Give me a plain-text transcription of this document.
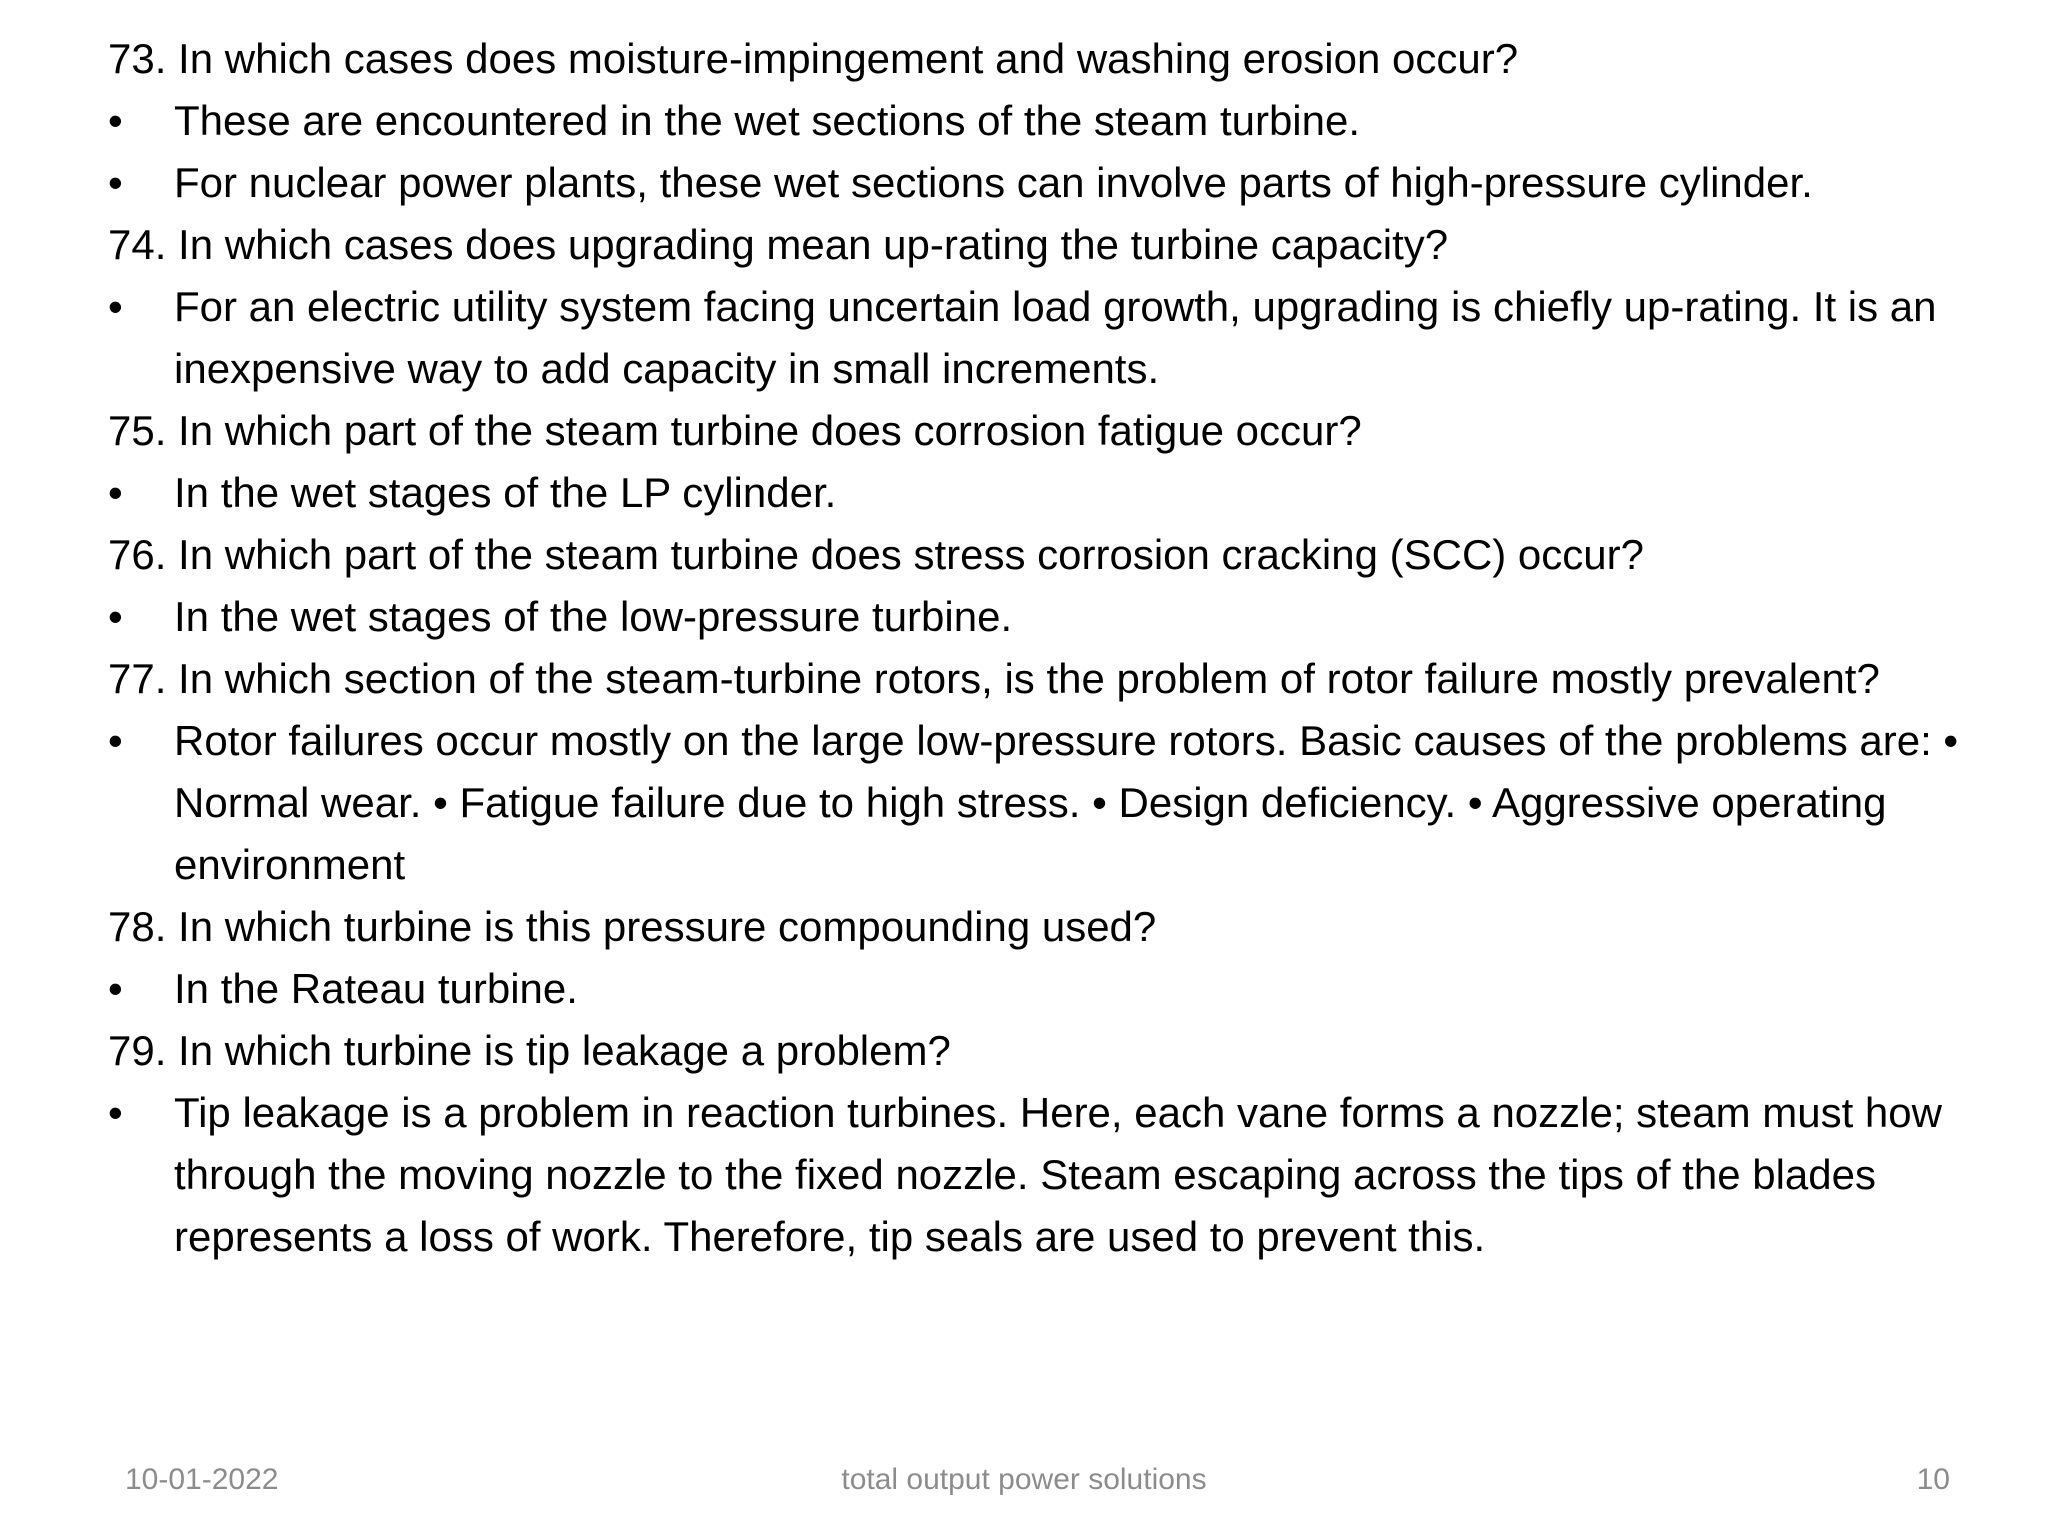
73. In which cases does moisture-impingement and washing erosion occur?

•	These are encountered in the wet sections of the steam turbine.

•	For nuclear power plants, these wet sections can involve parts of high-pressure cylinder.

74. In which cases does upgrading mean up-rating the turbine capacity?

•	For an electric utility system facing uncertain load growth, upgrading is chiefly up-rating. It is an inexpensive way to add capacity in small increments.

75. In which part of the steam turbine does corrosion fatigue occur?

•	In the wet stages of the LP cylinder.

76. In which part of the steam turbine does stress corrosion cracking (SCC) occur?

•	In the wet stages of the low-pressure turbine.

77. In which section of the steam-turbine rotors, is the problem of rotor failure mostly prevalent?

•	Rotor failures occur mostly on the large low-pressure rotors. Basic causes of the problems are: • Normal wear. • Fatigue failure due to high stress. • Design deficiency. • Aggressive operating environment

78. In which turbine is this pressure compounding used?

•	In the Rateau turbine.

79. In which turbine is tip leakage a problem?

•	Tip leakage is a problem in reaction turbines. Here, each vane forms a nozzle; steam must how through the moving nozzle to the fixed nozzle. Steam escaping across the tips of the blades represents a loss of work. Therefore, tip seals are used to prevent this.

10-01-2022	total output power solutions	10
